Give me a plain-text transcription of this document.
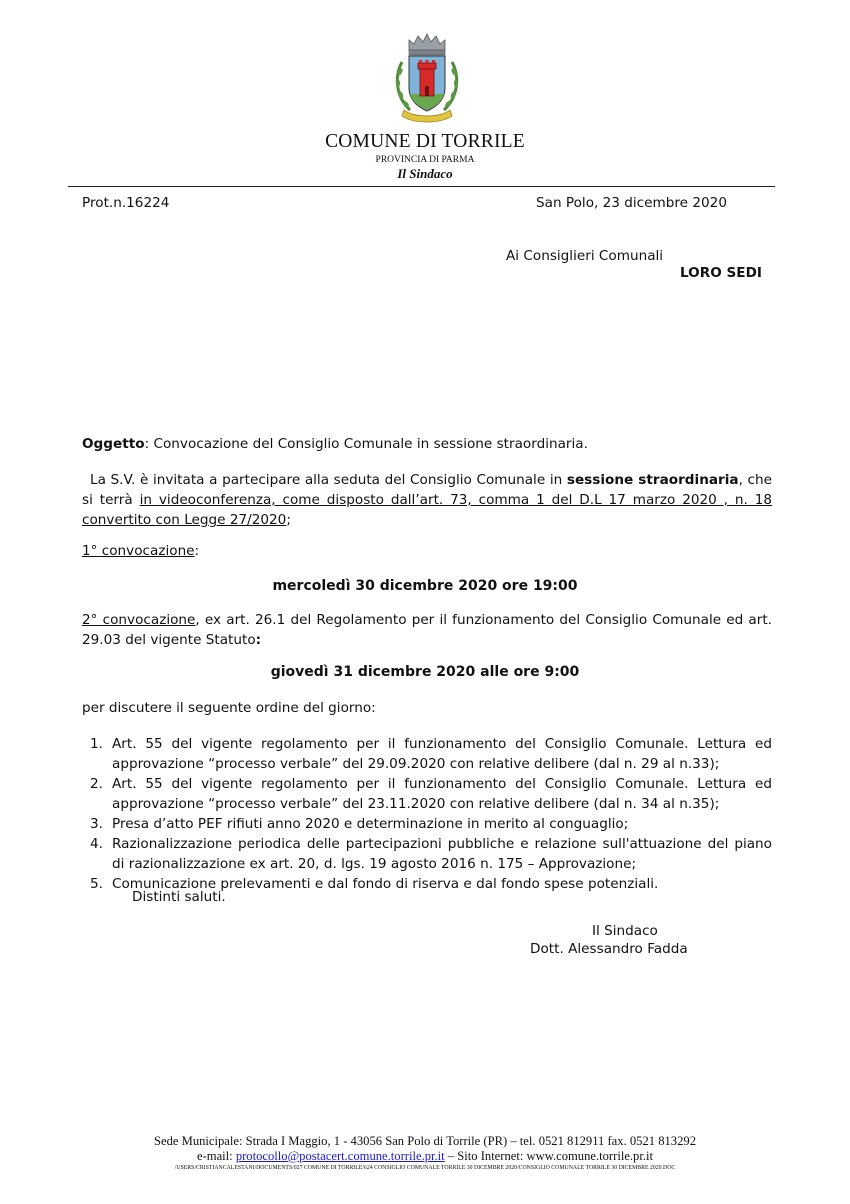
COMUNE DI TORRILE
PROVINCIA DI PARMA
Il Sindaco
Prot.n.16224	San Polo, 23 dicembre 2020
Ai Consiglieri Comunali
LORO SEDI
Oggetto: Convocazione del Consiglio Comunale in sessione straordinaria.
La S.V. è invitata a partecipare alla seduta del Consiglio Comunale in sessione straordinaria, che si terrà in videoconferenza, come disposto dall’art. 73, comma 1 del D.L 17 marzo 2020 , n. 18 convertito con Legge 27/2020;
1° convocazione:
mercoledì 30 dicembre 2020 ore 19:00
2° convocazione, ex art. 26.1 del Regolamento per il funzionamento del Consiglio Comunale ed art. 29.03 del vigente Statuto:
giovedì 31 dicembre 2020 alle ore 9:00
per discutere il seguente ordine del giorno:
1. Art. 55 del vigente regolamento per il funzionamento del Consiglio Comunale. Lettura ed approvazione “processo verbale” del 29.09.2020 con relative delibere (dal n. 29 al n.33);
2. Art. 55 del vigente regolamento per il funzionamento del Consiglio Comunale. Lettura ed approvazione “processo verbale” del 23.11.2020 con relative delibere (dal n. 34 al n.35);
3. Presa d’atto PEF rifiuti anno 2020 e determinazione in merito al conguaglio;
4. Razionalizzazione periodica delle partecipazioni pubbliche e relazione sull'attuazione del piano di razionalizzazione ex art. 20, d. lgs. 19 agosto 2016 n. 175 – Approvazione;
5. Comunicazione prelevamenti e dal fondo di riserva e dal fondo spese potenziali.
Distinti saluti.
Il Sindaco
Dott. Alessandro Fadda
Sede Municipale: Strada I Maggio, 1 - 43056 San Polo di Torrile (PR) – tel. 0521 812911 fax. 0521 813292
e-mail: protocollo@postacert.comune.torrile.pr.it – Sito Internet: www.comune.torrile.pr.it
/USERS/CRISTIANCALESTANI/DOCUMENTS/027 COMUNE DI TORRILE/624 CONSIGLIO COMUNALE TORRILE 30 DICEMBRE 2020/CONSIGLIO COMUNALE TORRILE 30 DICEMBRE 2020.DOC
